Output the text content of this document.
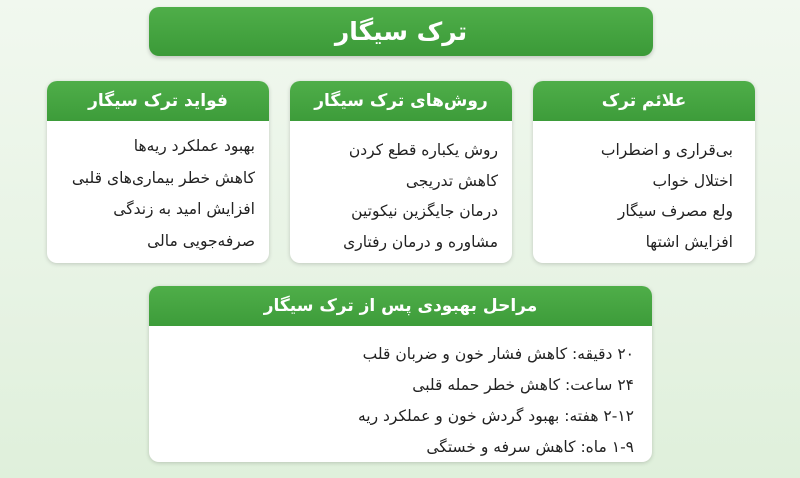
ترک سیگار
علائم ترک
بی‌قراری و اضطراب
اختلال خواب
ولع مصرف سیگار
افزایش اشتها
روش‌های ترک سیگار
روش یکباره قطع کردن
کاهش تدریجی
درمان جایگزین نیکوتین
مشاوره و درمان رفتاری
فواید ترک سیگار
بهبود عملکرد ریه‌ها
کاهش خطر بیماری‌های قلبی
افزایش امید به زندگی
صرفه‌جویی مالی
مراحل بهبودی پس از ترک سیگار
۲۰ دقیقه: کاهش فشار خون و ضربان قلب
۲۴ ساعت: کاهش خطر حمله قلبی
۲-۱۲ هفته: بهبود گردش خون و عملکرد ریه
۱-۹ ماه: کاهش سرفه و خستگی
